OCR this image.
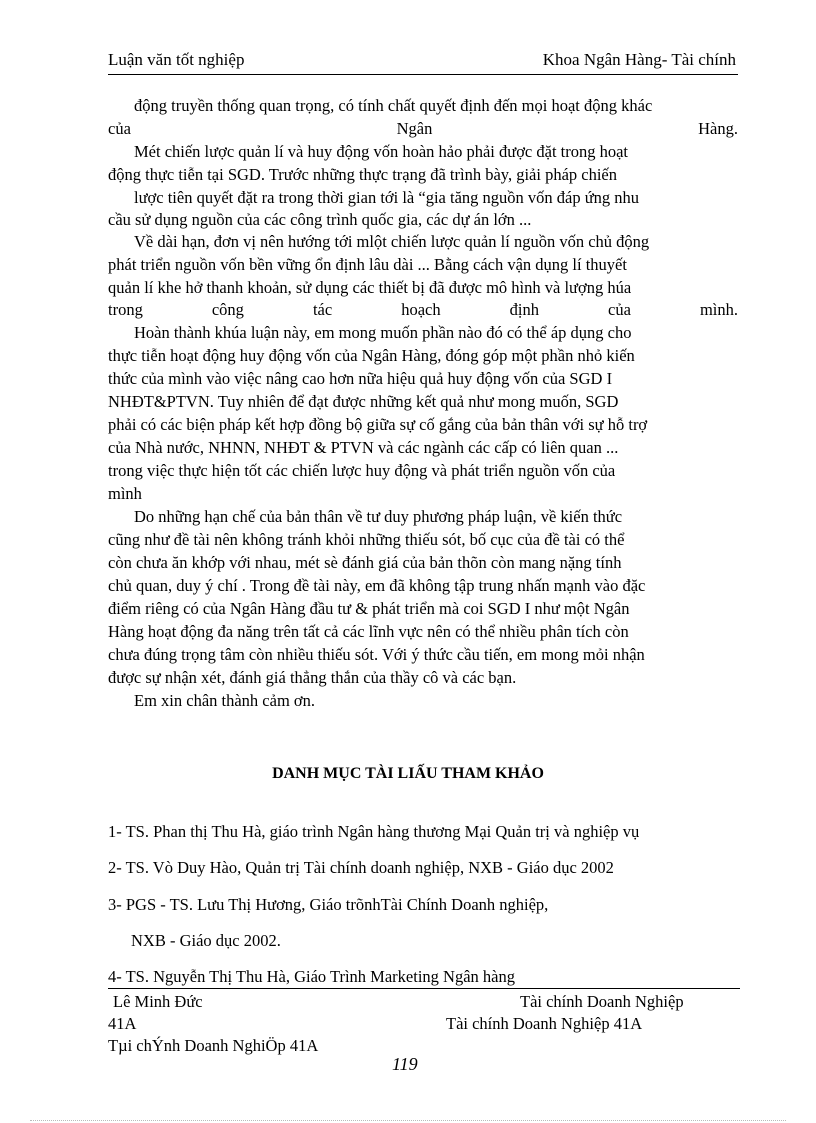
Luận văn tốt nghiệp	Khoa Ngân Hàng- Tài chính
động truyền thống quan trọng, có tính chất quyết định đến mọi hoạt động khác
của Ngân Hàng.
Mét chiến lược quản lí và huy động vốn hoàn hảo phải được đặt trong hoạt
động thực tiễn tại SGD. Trước những thực trạng đã trình bày, giải pháp chiến
lược tiên quyết đặt ra trong thời gian tới là “gia tăng nguồn vốn đáp ứng nhu
cầu sử dụng nguồn của các công trình quốc gia, các dự án lớn ...
Về dài hạn, đơn vị nên hướng tới mlột chiến lược quản lí nguồn vốn chủ động
phát triển nguồn vốn bền vững ổn định lâu dài ... Bằng cách vận dụng lí thuyết
quản lí khe hở thanh khoản, sử dụng các thiết bị đã được mô hình và lượng húa
trong công tác hoạch định của mình.
Hoàn thành khúa luận này, em mong muốn phần nào đó có thể áp dụng cho
thực tiễn hoạt động huy động vốn của Ngân Hàng, đóng góp một phần nhỏ kiến
thức của mình vào việc nâng cao hơn nữa hiệu quả huy động vốn của SGD I
NHĐT&PTVN. Tuy nhiên để đạt được những kết quả như mong muốn, SGD
phải có các biện pháp kết hợp đồng bộ giữa sự cố gắng của bản thân với sự hỗ trợ
của Nhà nước, NHNN, NHĐT & PTVN và các ngành các cấp có liên quan ...
trong việc thực hiện tốt các chiến lược huy động và phát triển nguồn vốn của
mình
Do những hạn chế của bản thân về tư duy phương pháp luận, về kiến thức
cũng như đề tài nên không tránh khỏi những thiếu sót, bố cục của đề tài có thể
còn chưa ăn khớp với nhau, mét sè đánh giá của bản thõn còn mang nặng tính
chủ quan, duy ý chí . Trong đề tài này, em đã không tập trung nhấn mạnh vào đặc
điểm riêng có của Ngân Hàng đầu tư & phát triển mà coi SGD I như một Ngân
Hàng hoạt động đa năng trên tất cả các lĩnh vực nên có thể nhiều phân tích còn
chưa đúng trọng tâm còn nhiều thiếu sót. Với ý thức cầu tiến, em mong mỏi nhận
được sự nhận xét, đánh giá thẳng thắn của thầy cô và các bạn.
Em xin chân thành cảm ơn.
DANH MỤC TÀI LIẤU THAM KHẢO
1- TS. Phan thị Thu Hà, giáo trình Ngân hàng thương Mại Quản trị và nghiệp vụ
2- TS. Vò Duy Hào, Quản trị Tài chính doanh nghiệp, NXB - Giáo dục 2002
3- PGS - TS. Lưu Thị Hương, Giáo trõnhTài Chính Doanh nghiệp,
NXB - Giáo dục 2002.
4- TS. Nguyễn Thị Thu Hà, Giáo Trình Marketing Ngân hàng
Lê Minh Đức	Tài chính Doanh Nghiệp
41A	Tài chính Doanh Nghiệp 41A
Tµi chÝnh Doanh NghiÖp 41A
119
